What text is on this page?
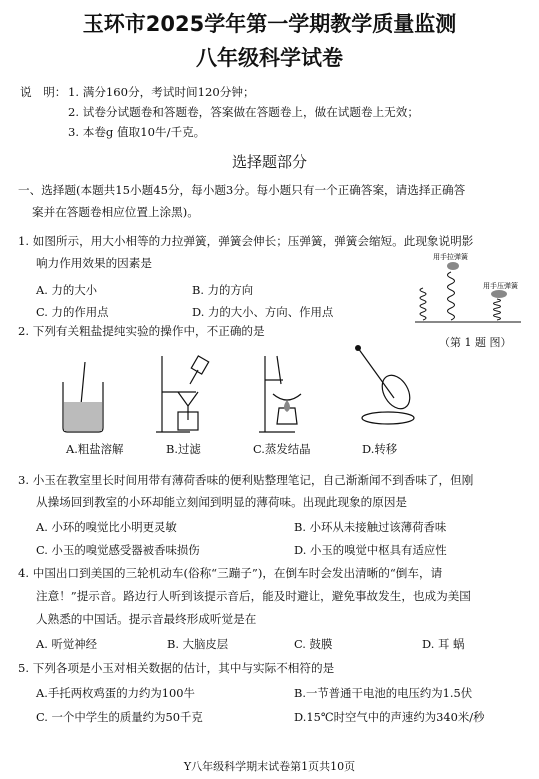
玉环市2025学年第一学期教学质量监测
八年级科学试卷
说　明： 1. 满分160分，考试时间120分钟；
2. 试卷分试题卷和答题卷，答案做在答题卷上，做在试题卷上无效；
3. 本卷g 值取10牛/千克。
选择题部分
一、选择题(本题共15小题45分，每小题3分。每小题只有一个正确答案，请选择正确答
案并在答题卷相应位置上涂黑)。
1. 如图所示，用大小相等的力拉弹簧，弹簧会伸长；压弹簧，弹簧会缩短。此现象说明影
响力作用效果的因素是
A. 力的大小	B. 力的方向
C. 力的作用点	D. 力的大小、方向、作用点
用手拉弹簧
用手压弹簧
（第 1 题 图）
2. 下列有关粗盐提纯实验的操作中，不正确的是
A.粗盐溶解	B.过滤	C.蒸发结晶	D.转移
3. 小玉在教室里长时间用带有薄荷香味的便利贴整理笔记，自己渐渐闻不到香味了，但刚
从操场回到教室的小环却能立刻闻到明显的薄荷味。出现此现象的原因是
A. 小环的嗅觉比小明更灵敏	B. 小环从未接触过该薄荷香味
C. 小玉的嗅觉感受器被香味损伤	D. 小玉的嗅觉中枢具有适应性
4. 中国出口到美国的三轮机动车(俗称“三蹦子”)，在倒车时会发出清晰的“倒车，请
注意！”提示音。路边行人听到该提示音后，能及时避让，避免事故发生，也成为美国
人熟悉的中国话。提示音最终形成听觉是在
A. 听觉神经	B. 大脑皮层	C. 鼓膜	D. 耳 蜗
5. 下列各项是小玉对相关数据的估计，其中与实际不相符的是
A.手托两枚鸡蛋的力约为100牛	B.一节普通干电池的电压约为1.5伏
C. 一个中学生的质量约为50千克	D.15℃时空气中的声速约为340米/秒
Y八年级科学期末试卷第1页共10页
